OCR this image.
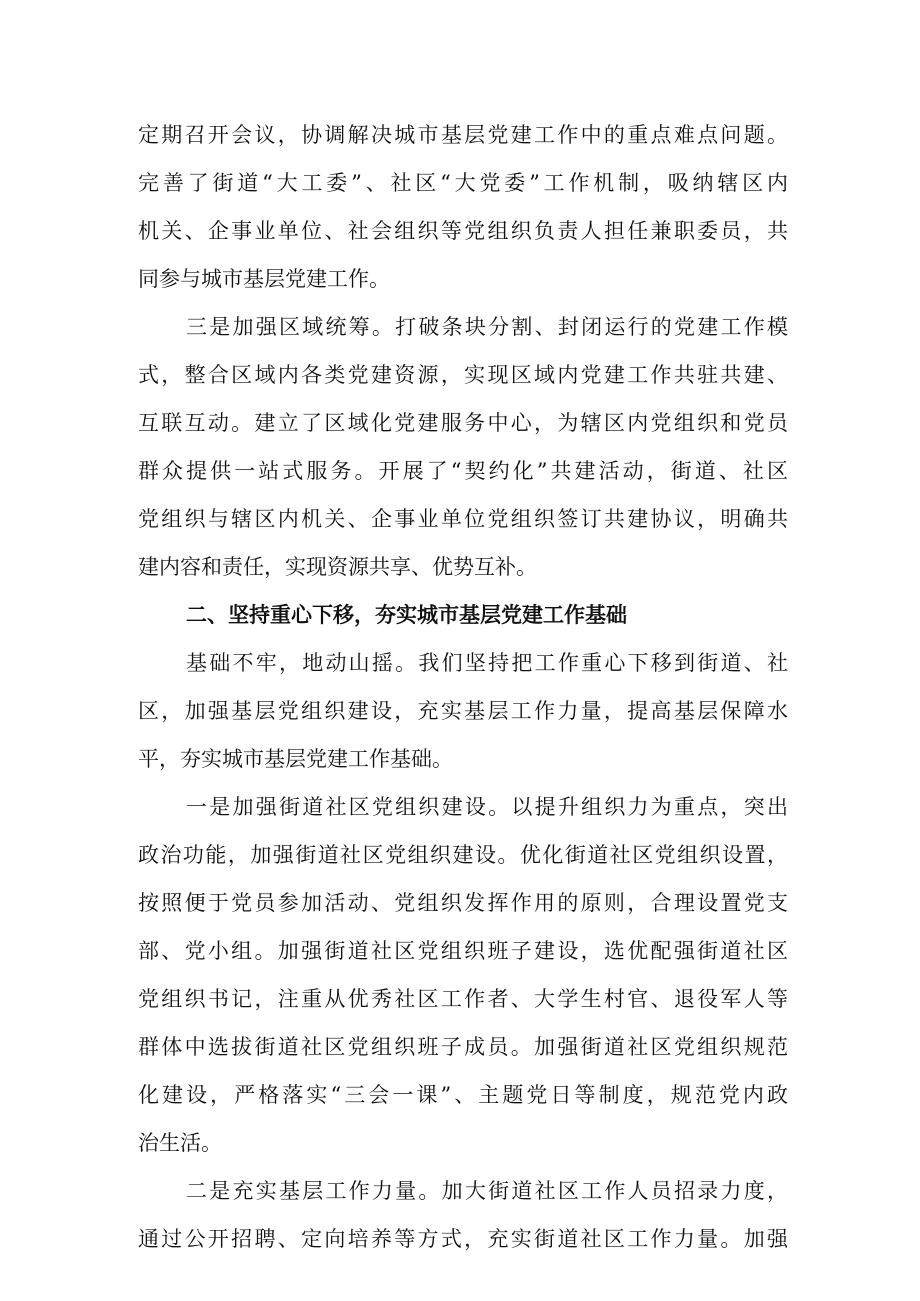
定期召开会议，协调解决城市基层党建工作中的重点难点问题。

完善了街道“大工委”、社区“大党委”工作机制，吸纳辖区内

机关、企事业单位、社会组织等党组织负责人担任兼职委员，共

同参与城市基层党建工作。

三是加强区域统筹。打破条块分割、封闭运行的党建工作模

式，整合区域内各类党建资源，实现区域内党建工作共驻共建、

互联互动。建立了区域化党建服务中心，为辖区内党组织和党员

群众提供一站式服务。开展了“契约化”共建活动，街道、社区

党组织与辖区内机关、企事业单位党组织签订共建协议，明确共

建内容和责任，实现资源共享、优势互补。

二、坚持重心下移，夯实城市基层党建工作基础

基础不牢，地动山摇。我们坚持把工作重心下移到街道、社

区，加强基层党组织建设，充实基层工作力量，提高基层保障水

平，夯实城市基层党建工作基础。

一是加强街道社区党组织建设。以提升组织力为重点，突出

政治功能，加强街道社区党组织建设。优化街道社区党组织设置，

按照便于党员参加活动、党组织发挥作用的原则，合理设置党支

部、党小组。加强街道社区党组织班子建设，选优配强街道社区

党组织书记，注重从优秀社区工作者、大学生村官、退役军人等

群体中选拔街道社区党组织班子成员。加强街道社区党组织规范

化建设，严格落实“三会一课”、主题党日等制度，规范党内政

治生活。

二是充实基层工作力量。加大街道社区工作人员招录力度，

通过公开招聘、定向培养等方式，充实街道社区工作力量。加强
